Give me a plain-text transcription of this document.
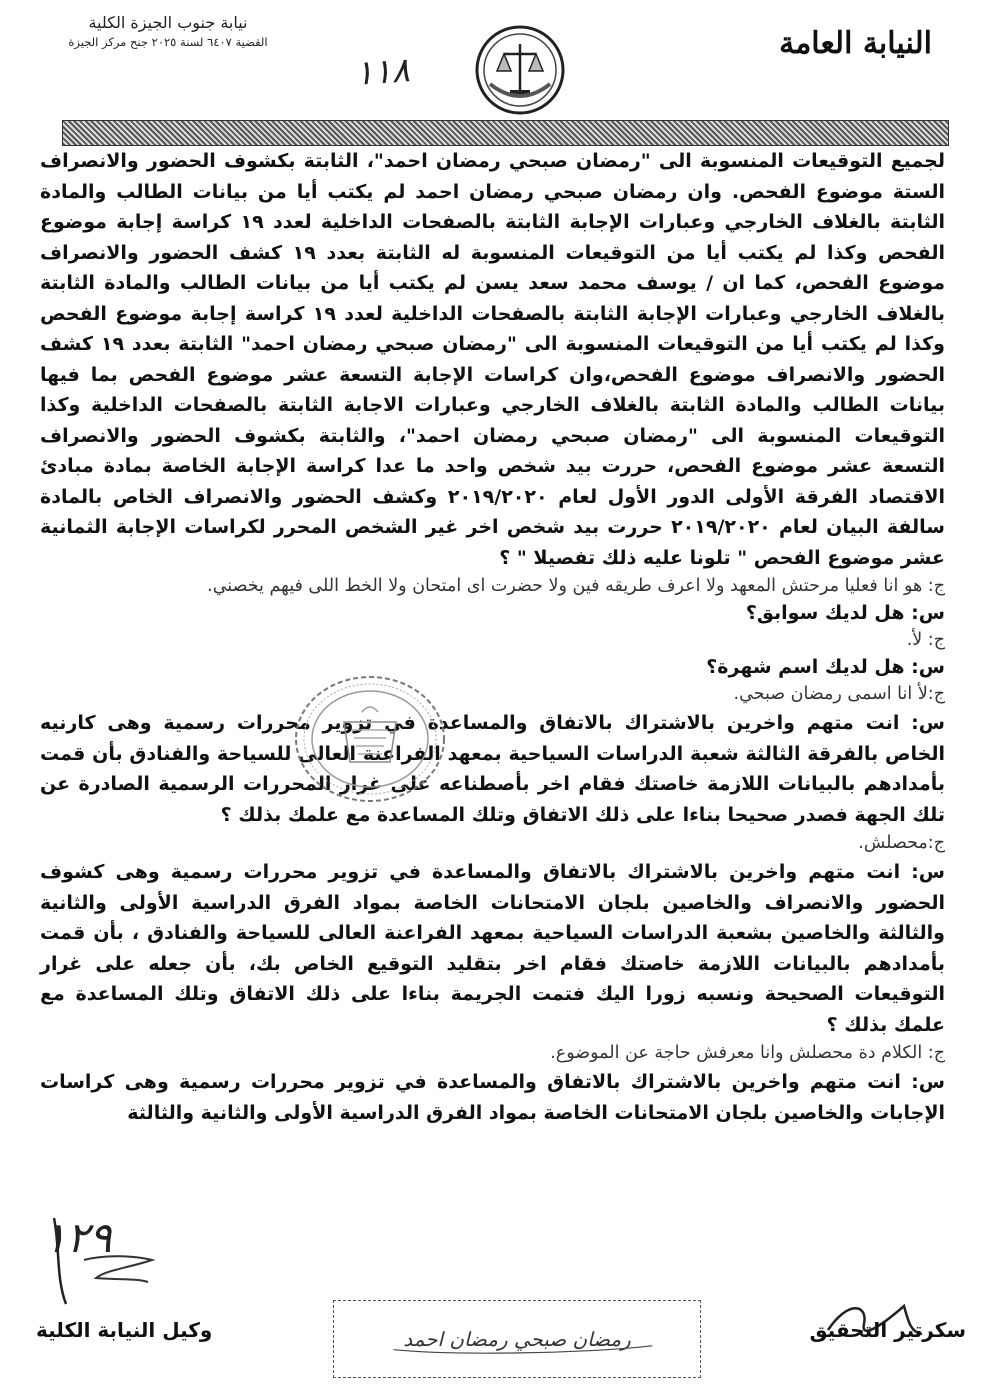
النيابة العامة
نيابة جنوب الجيزة الكلية
القضية ٦٤٠٧ لسنة ٢٠٢٥ جنح مركز الجيزة
١١٨

لجميع التوقيعات المنسوبة الى "رمضان صبحي رمضان احمد"، الثابتة بكشوف الحضور والانصراف الستة موضوع الفحص. وان رمضان صبحي رمضان احمد لم يكتب أيا من بيانات الطالب والمادة الثابتة بالغلاف الخارجي وعبارات الإجابة الثابتة بالصفحات الداخلية لعدد ١٩ كراسة إجابة موضوع الفحص وكذا لم يكتب أيا من التوقيعات المنسوبة له الثابتة بعدد ١٩ كشف الحضور والانصراف موضوع الفحص، كما ان / يوسف محمد سعد يسن لم يكتب أيا من بيانات الطالب والمادة الثابتة بالغلاف الخارجي وعبارات الإجابة الثابتة بالصفحات الداخلية لعدد ١٩ كراسة إجابة موضوع الفحص وكذا لم يكتب أيا من التوقيعات المنسوبة الى "رمضان صبحي رمضان احمد" الثابتة بعدد ١٩ كشف الحضور والانصراف موضوع الفحص،وان كراسات الإجابة التسعة عشر موضوع الفحص بما فيها بيانات الطالب والمادة الثابتة بالغلاف الخارجي وعبارات الاجابة الثابتة بالصفحات الداخلية وكذا التوقيعات المنسوبة الى "رمضان صبحي رمضان احمد"، والثابتة بكشوف الحضور والانصراف التسعة عشر موضوع الفحص، حررت بيد شخص واحد ما عدا كراسة الإجابة الخاصة بمادة مبادئ الاقتصاد الفرقة الأولى الدور الأول لعام ٢٠١٩/٢٠٢٠ وكشف الحضور والانصراف الخاص بالمادة سالفة البيان لعام ٢٠١٩/٢٠٢٠ حررت بيد شخص اخر غير الشخص المحرر لكراسات الإجابة الثمانية عشر موضوع الفحص " تلونا عليه ذلك تفصيلا " ؟

ج: هو انا فعليا مرحتش المعهد ولا اعرف طريقه فين ولا حضرت اى امتحان ولا الخط اللى فيهم يخصني.

س: هل لديك سوابق؟

ج: لأ.

س: هل لديك اسم شهرة؟

ج:لأ انا اسمى رمضان صبحي.

س: انت متهم واخرين بالاشتراك بالاتفاق والمساعدة في تزوير محررات رسمية وهى كارنيه الخاص بالفرقة الثالثة شعبة الدراسات السياحية بمعهد الفراعنة العالى للسياحة والفنادق بأن قمت بأمدادهم بالبيانات اللازمة خاصتك فقام اخر بأصطناعه على غرار المحررات الرسمية الصادرة عن تلك الجهة فصدر صحيحا بناءا على ذلك الاتفاق وتلك المساعدة مع علمك بذلك ؟

ج:محصلش.

س: انت متهم واخرين بالاشتراك بالاتفاق والمساعدة في تزوير محررات رسمية وهى كشوف الحضور والانصراف والخاصين بلجان الامتحانات الخاصة بمواد الفرق الدراسية الأولى والثانية والثالثة والخاصين بشعبة الدراسات السياحية بمعهد الفراعنة العالى للسياحة والفنادق ، بأن قمت بأمدادهم بالبيانات اللازمة خاصتك فقام اخر بتقليد التوقيع الخاص بك، بأن جعله على غرار التوقيعات الصحيحة ونسبه زورا اليك فتمت الجريمة بناءا على ذلك الاتفاق وتلك المساعدة مع علمك بذلك ؟

ج: الكلام دة محصلش وانا معرفش حاجة عن الموضوع.

س: انت متهم واخرين بالاشتراك بالاتفاق والمساعدة في تزوير محررات رسمية وهى كراسات الإجابات والخاصين بلجان الامتحانات الخاصة بمواد الفرق الدراسية الأولى والثانية والثالثة

١٢٩
وكيل النيابة الكلية	رمضان صبحي رمضان احمد	سكرتير التحقيق
